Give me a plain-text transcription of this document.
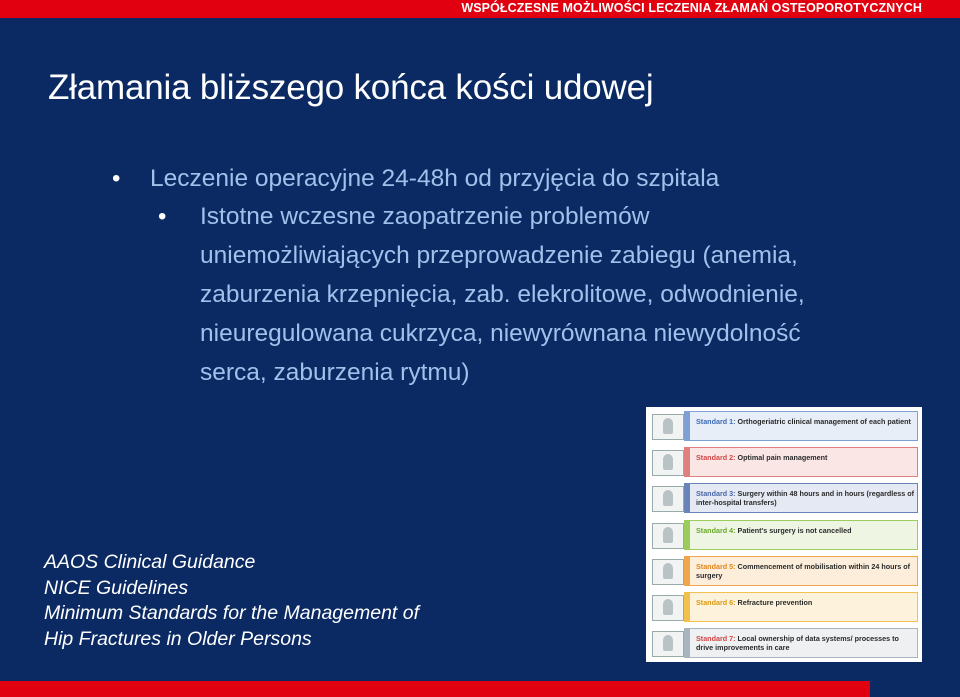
WSPÓŁCZESNE MOŻLIWOŚCI LECZENIA ZŁAMAŃ OSTEOPOROTYCZNYCH
Złamania bliższego końca kości udowej
• Leczenie operacyjne 24-48h od przyjęcia do szpitala
• Istotne wczesne zaopatrzenie problemów uniemożliwiających przeprowadzenie zabiegu (anemia, zaburzenia krzepnięcia, zab. elekrolitowe, odwodnienie, nieuregulowana cukrzyca, niewyrównana niewydolność serca, zaburzenia rytmu)
AAOS Clinical Guidance
NICE Guidelines
Minimum Standards for the Management of
Hip Fractures in Older Persons
Standard 1: Orthogeriatric clinical management of each patient
Standard 2: Optimal pain management
Standard 3: Surgery within 48 hours and in hours (regardless of inter-hospital transfers)
Standard 4: Patient's surgery is not cancelled
Standard 5: Commencement of mobilisation within 24 hours of surgery
Standard 6: Refracture prevention
Standard 7: Local ownership of data systems/ processes to drive improvements in care
